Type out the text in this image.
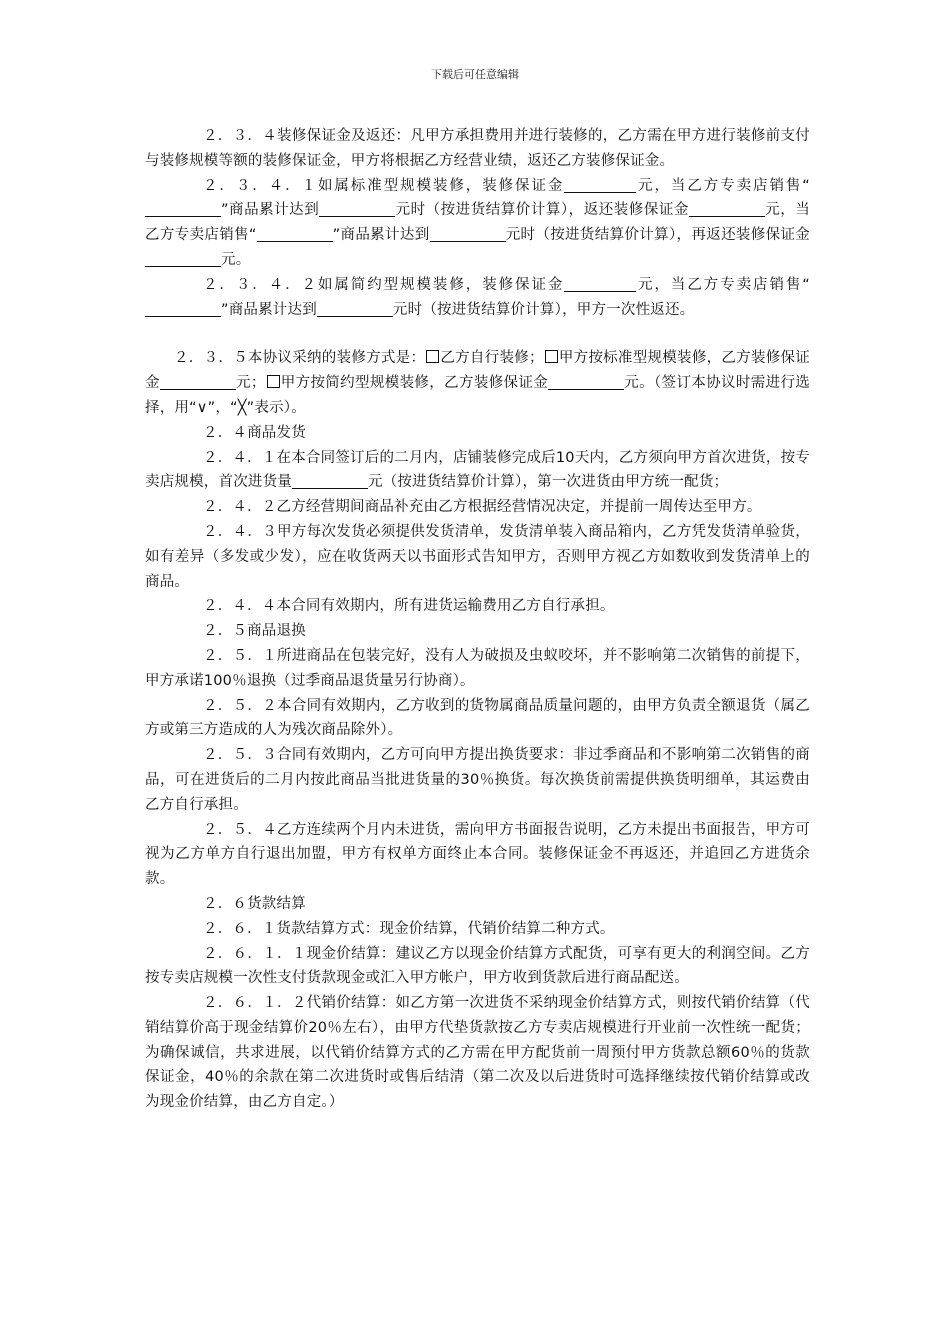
下载后可任意编辑

２．３．４装修保证金及返还：凡甲方承担费用并进行装修的，乙方需在甲方进行装修前支付与装修规模等额的装修保证金，甲方将根据乙方经营业绩，返还乙方装修保证金。

２．３．４．１如属标准型规模装修，装修保证金	元，当乙方专卖店销售“”商品累计达到	元时（按进货结算价计算），返还装修保证金	元，当乙方专卖店销售“	”商品累计达到	元时（按进货结算价计算），再返还装修保证金元。

２．３．４．２如属简约型规模装修，装修保证金	元，当乙方专卖店销售“”商品累计达到	元时（按进货结算价计算），甲方一次性返还。

２．３．５本协议采纳的装修方式是： 乙方自行装修； 甲方按标准型规模装修，乙方装修保证金	元； 甲方按简约型规模装修，乙方装修保证金	元。（签订本协议时需进行选择，用“∨”，“╳”表示）。

２．４商品发货

２．４．１在本合同签订后的二月内，店铺装修完成后10天内，乙方须向甲方首次进货，按专卖店规模，首次进货量	元（按进货结算价计算），第一次进货由甲方统一配货；

２．４．２乙方经营期间商品补充由乙方根据经营情况决定，并提前一周传达至甲方。

２．４．３甲方每次发货必须提供发货清单，发货清单装入商品箱内，乙方凭发货清单验货，如有差异（多发或少发），应在收货两天以书面形式告知甲方，否则甲方视乙方如数收到发货清单上的商品。

２．４．４本合同有效期内，所有进货运输费用乙方自行承担。

２．５商品退换

２．５．１所进商品在包装完好，没有人为破损及虫蚁咬坏，并不影响第二次销售的前提下，甲方承诺100％退换（过季商品退货量另行协商）。

２．５．２本合同有效期内，乙方收到的货物属商品质量问题的，由甲方负责全额退货（属乙方或第三方造成的人为残次商品除外）。

２．５．３合同有效期内，乙方可向甲方提出换货要求：非过季商品和不影响第二次销售的商品，可在进货后的二月内按此商品当批进货量的30％换货。每次换货前需提供换货明细单，其运费由乙方自行承担。

２．５．４乙方连续两个月内未进货，需向甲方书面报告说明，乙方未提出书面报告，甲方可视为乙方单方自行退出加盟，甲方有权单方面终止本合同。装修保证金不再返还，并追回乙方进货余款。

２．６货款结算

２．６．１货款结算方式：现金价结算，代销价结算二种方式。

２．６．１．１现金价结算：建议乙方以现金价结算方式配货，可享有更大的利润空间。乙方按专卖店规模一次性支付货款现金或汇入甲方帐户，甲方收到货款后进行商品配送。

２．６．１．２代销价结算：如乙方第一次进货不采纳现金价结算方式，则按代销价结算（代销结算价高于现金结算价20％左右），由甲方代垫货款按乙方专卖店规模进行开业前一次性统一配货；为确保诚信，共求进展，以代销价结算方式的乙方需在甲方配货前一周预付甲方货款总额60％的货款保证金，40％的余款在第二次进货时或售后结清（第二次及以后进货时可选择继续按代销价结算或改为现金价结算，由乙方自定。）
